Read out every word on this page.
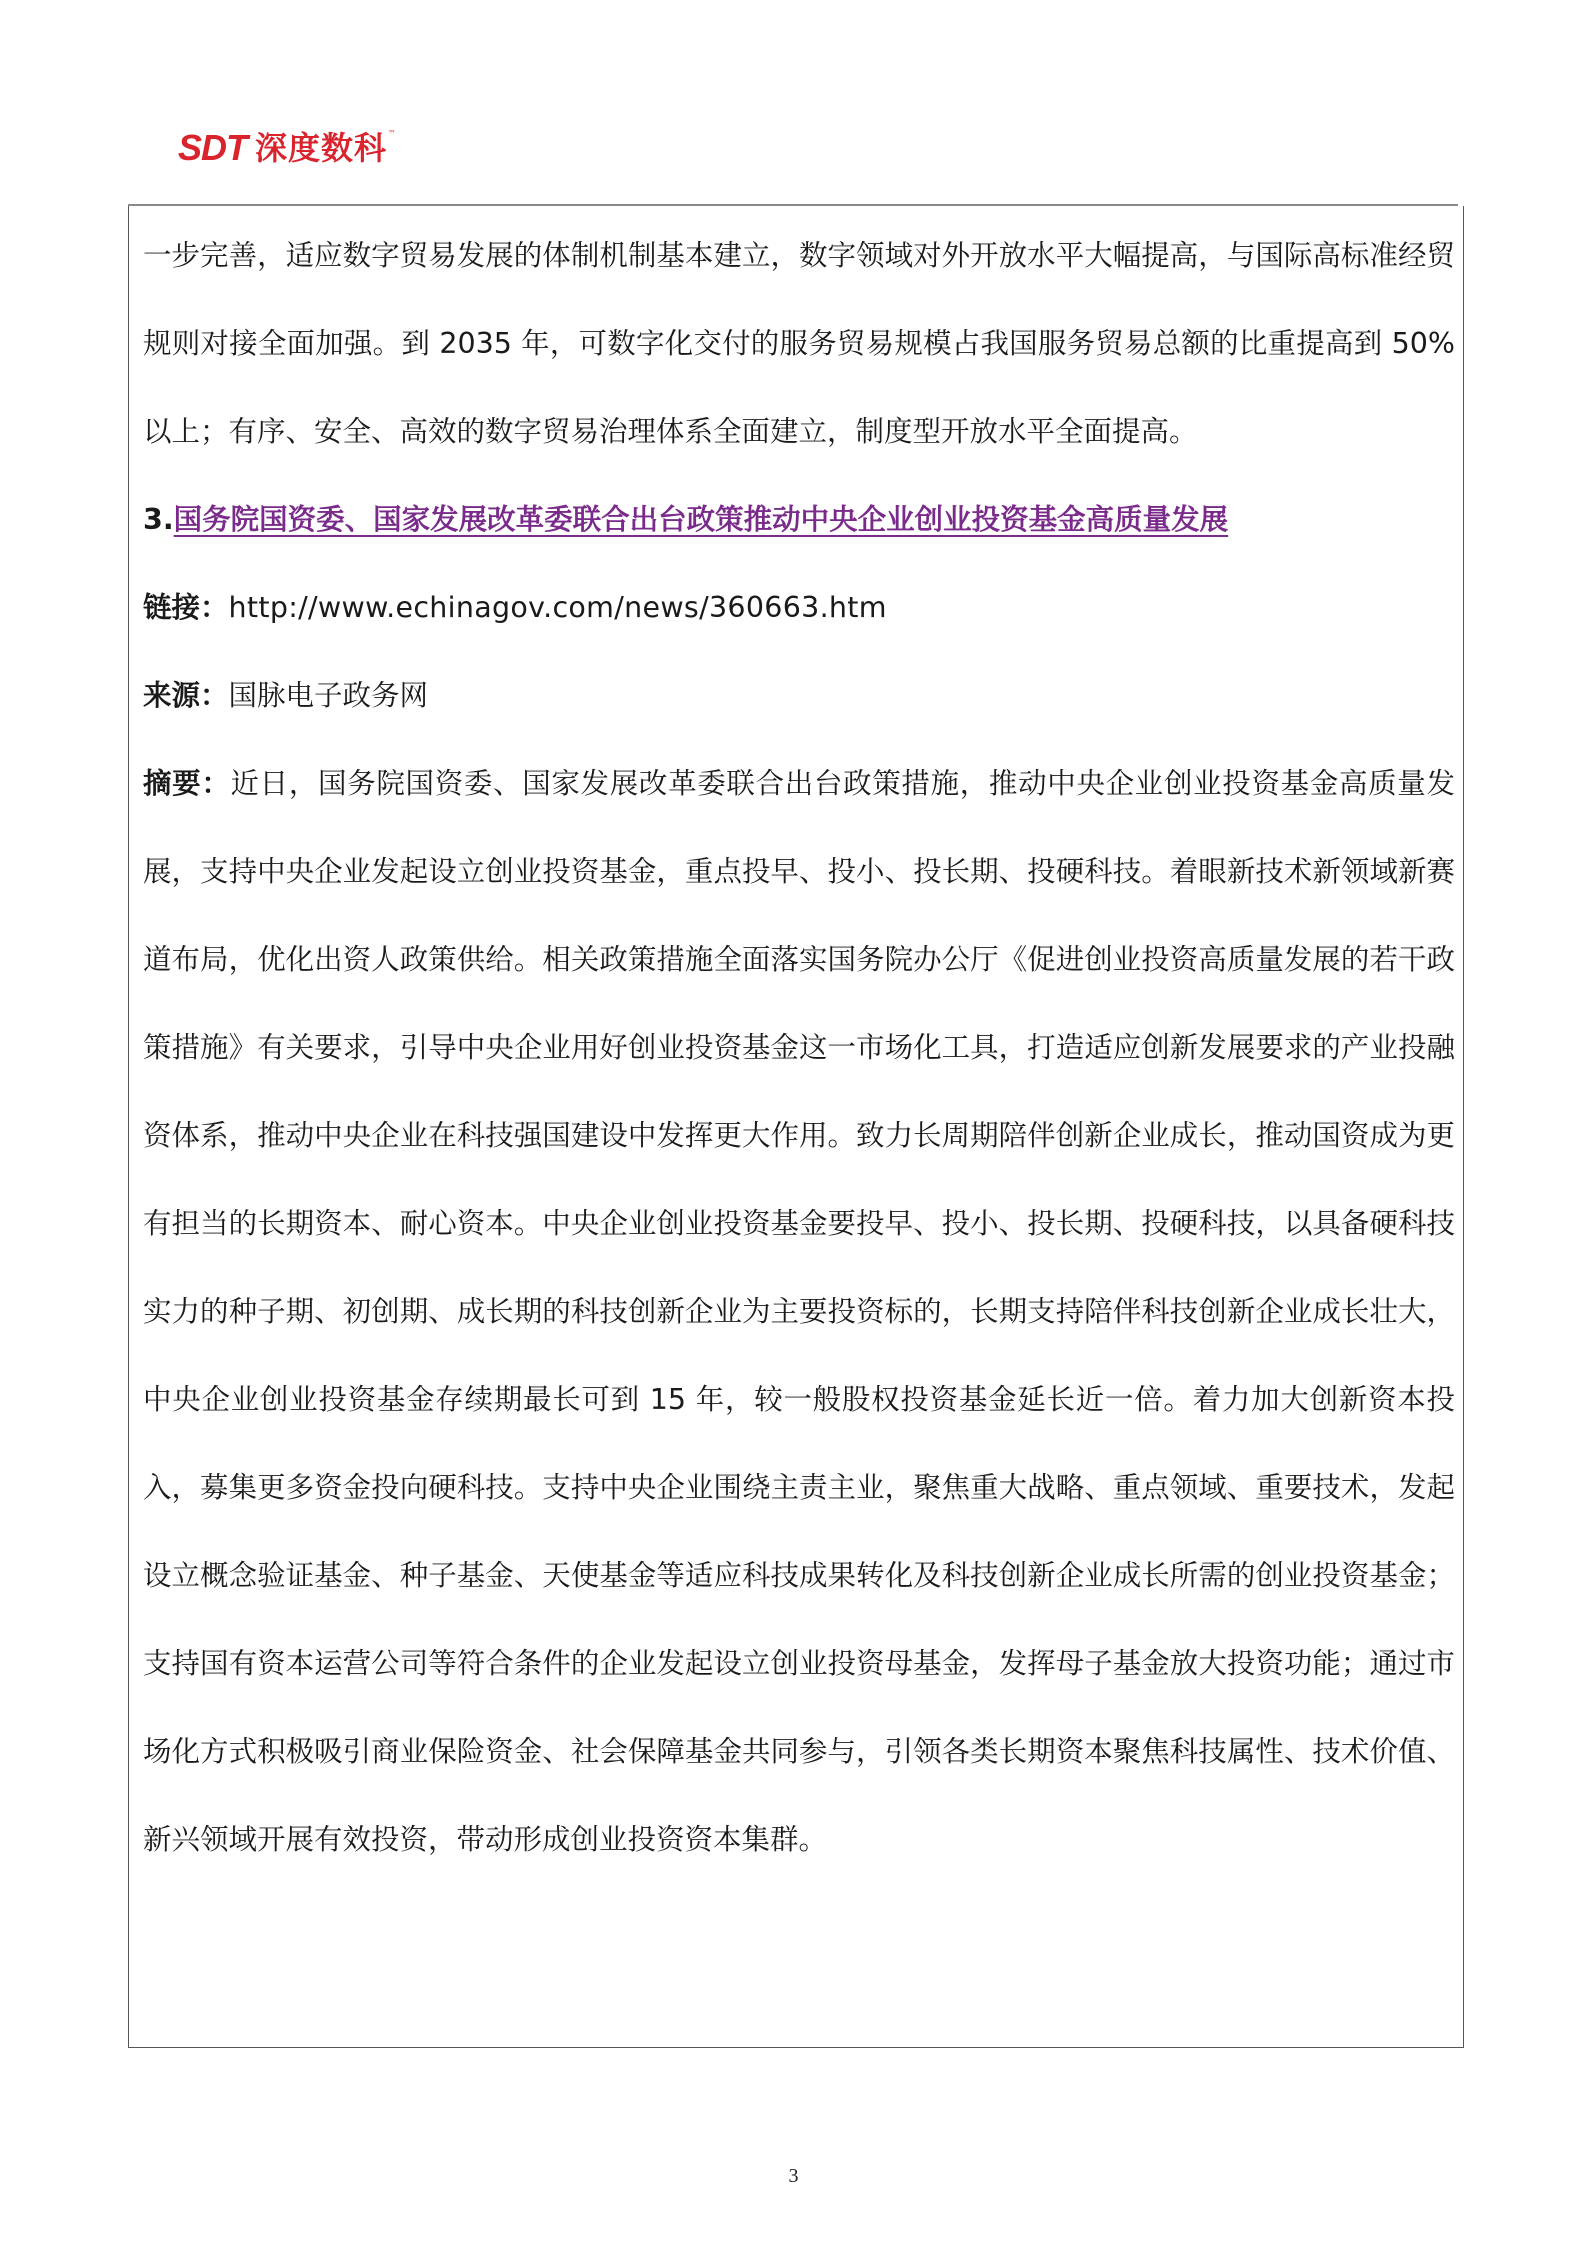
SDT 深度数科 ™

一步完善，适应数字贸易发展的体制机制基本建立，数字领域对外开放水平大幅提高，与国际高标准经贸规则对接全面加强。到 2035 年，可数字化交付的服务贸易规模占我国服务贸易总额的比重提高到 50%以上；有序、安全、高效的数字贸易治理体系全面建立，制度型开放水平全面提高。

3.国务院国资委、国家发展改革委联合出台政策推动中央企业创业投资基金高质量发展

链接：http://www.echinagov.com/news/360663.htm

来源：国脉电子政务网

摘要：近日，国务院国资委、国家发展改革委联合出台政策措施，推动中央企业创业投资基金高质量发展，支持中央企业发起设立创业投资基金，重点投早、投小、投长期、投硬科技。着眼新技术新领域新赛道布局，优化出资人政策供给。相关政策措施全面落实国务院办公厅《促进创业投资高质量发展的若干政策措施》有关要求，引导中央企业用好创业投资基金这一市场化工具，打造适应创新发展要求的产业投融资体系，推动中央企业在科技强国建设中发挥更大作用。致力长周期陪伴创新企业成长，推动国资成为更有担当的长期资本、耐心资本。中央企业创业投资基金要投早、投小、投长期、投硬科技，以具备硬科技实力的种子期、初创期、成长期的科技创新企业为主要投资标的，长期支持陪伴科技创新企业成长壮大，中央企业创业投资基金存续期最长可到 15 年，较一般股权投资基金延长近一倍。着力加大创新资本投入，募集更多资金投向硬科技。支持中央企业围绕主责主业，聚焦重大战略、重点领域、重要技术，发起设立概念验证基金、种子基金、天使基金等适应科技成果转化及科技创新企业成长所需的创业投资基金；支持国有资本运营公司等符合条件的企业发起设立创业投资母基金，发挥母子基金放大投资功能；通过市场化方式积极吸引商业保险资金、社会保障基金共同参与，引领各类长期资本聚焦科技属性、技术价值、新兴领域开展有效投资，带动形成创业投资资本集群。

3
